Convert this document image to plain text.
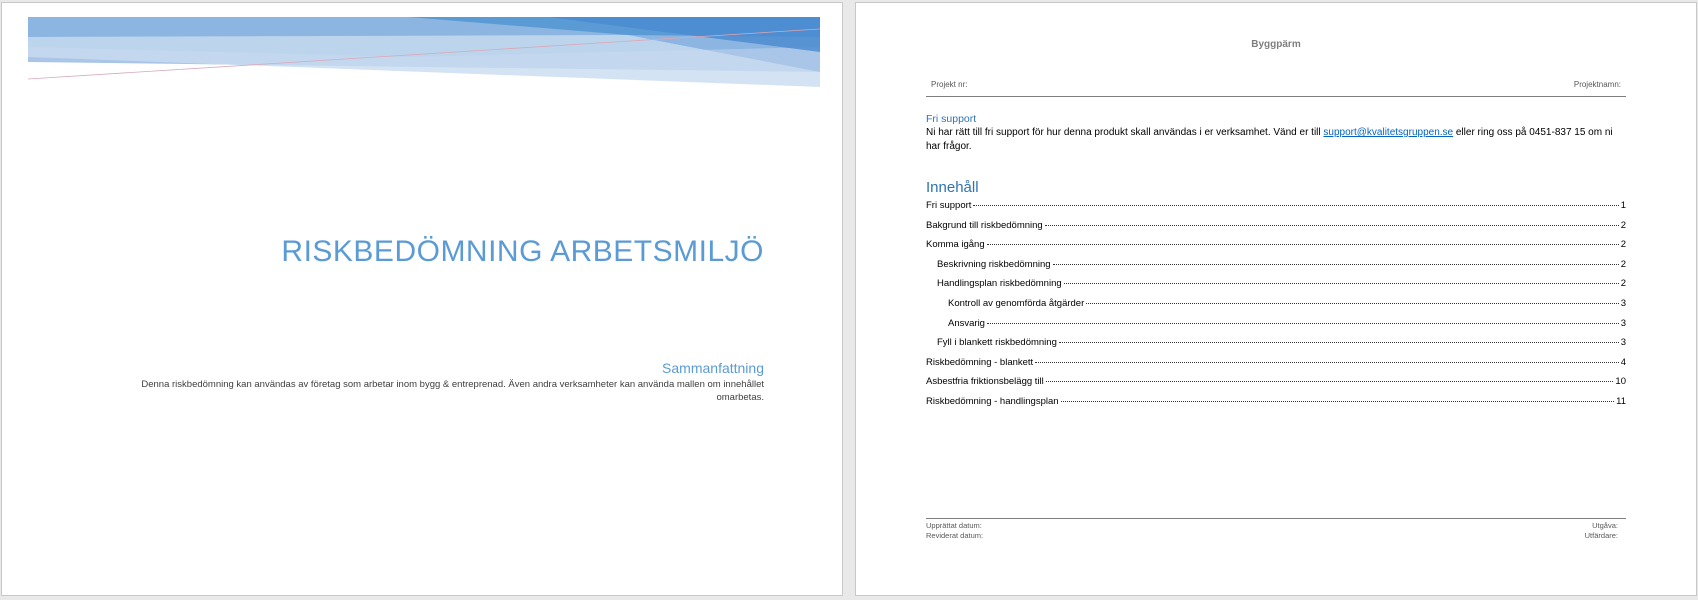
RISKBEDÖMNING ARBETSMILJÖ
Sammanfattning
Denna riskbedömning kan användas av företag som arbetar inom bygg & entreprenad. Även andra verksamheter kan använda mallen om innehållet omarbetas.
Byggpärm
Projekt nr:	Projektnamn:
Fri support
Ni har rätt till fri support för hur denna produkt skall användas i er verksamhet. Vänd er till support@kvalitetsgruppen.se eller ring oss på 0451-837 15 om ni har frågor.
Innehåll
Fri support	1
Bakgrund till riskbedömning	2
Komma igång	2
Beskrivning riskbedömning	2
Handlingsplan riskbedömning	2
Kontroll av genomförda åtgärder	3
Ansvarig	3
Fyll i blankett riskbedömning	3
Riskbedömning - blankett	4
Asbestfria friktionsbelägg till	10
Riskbedömning - handlingsplan	11
Upprättat datum:
Reviderat datum:
Utgåva:
Utfärdare:
